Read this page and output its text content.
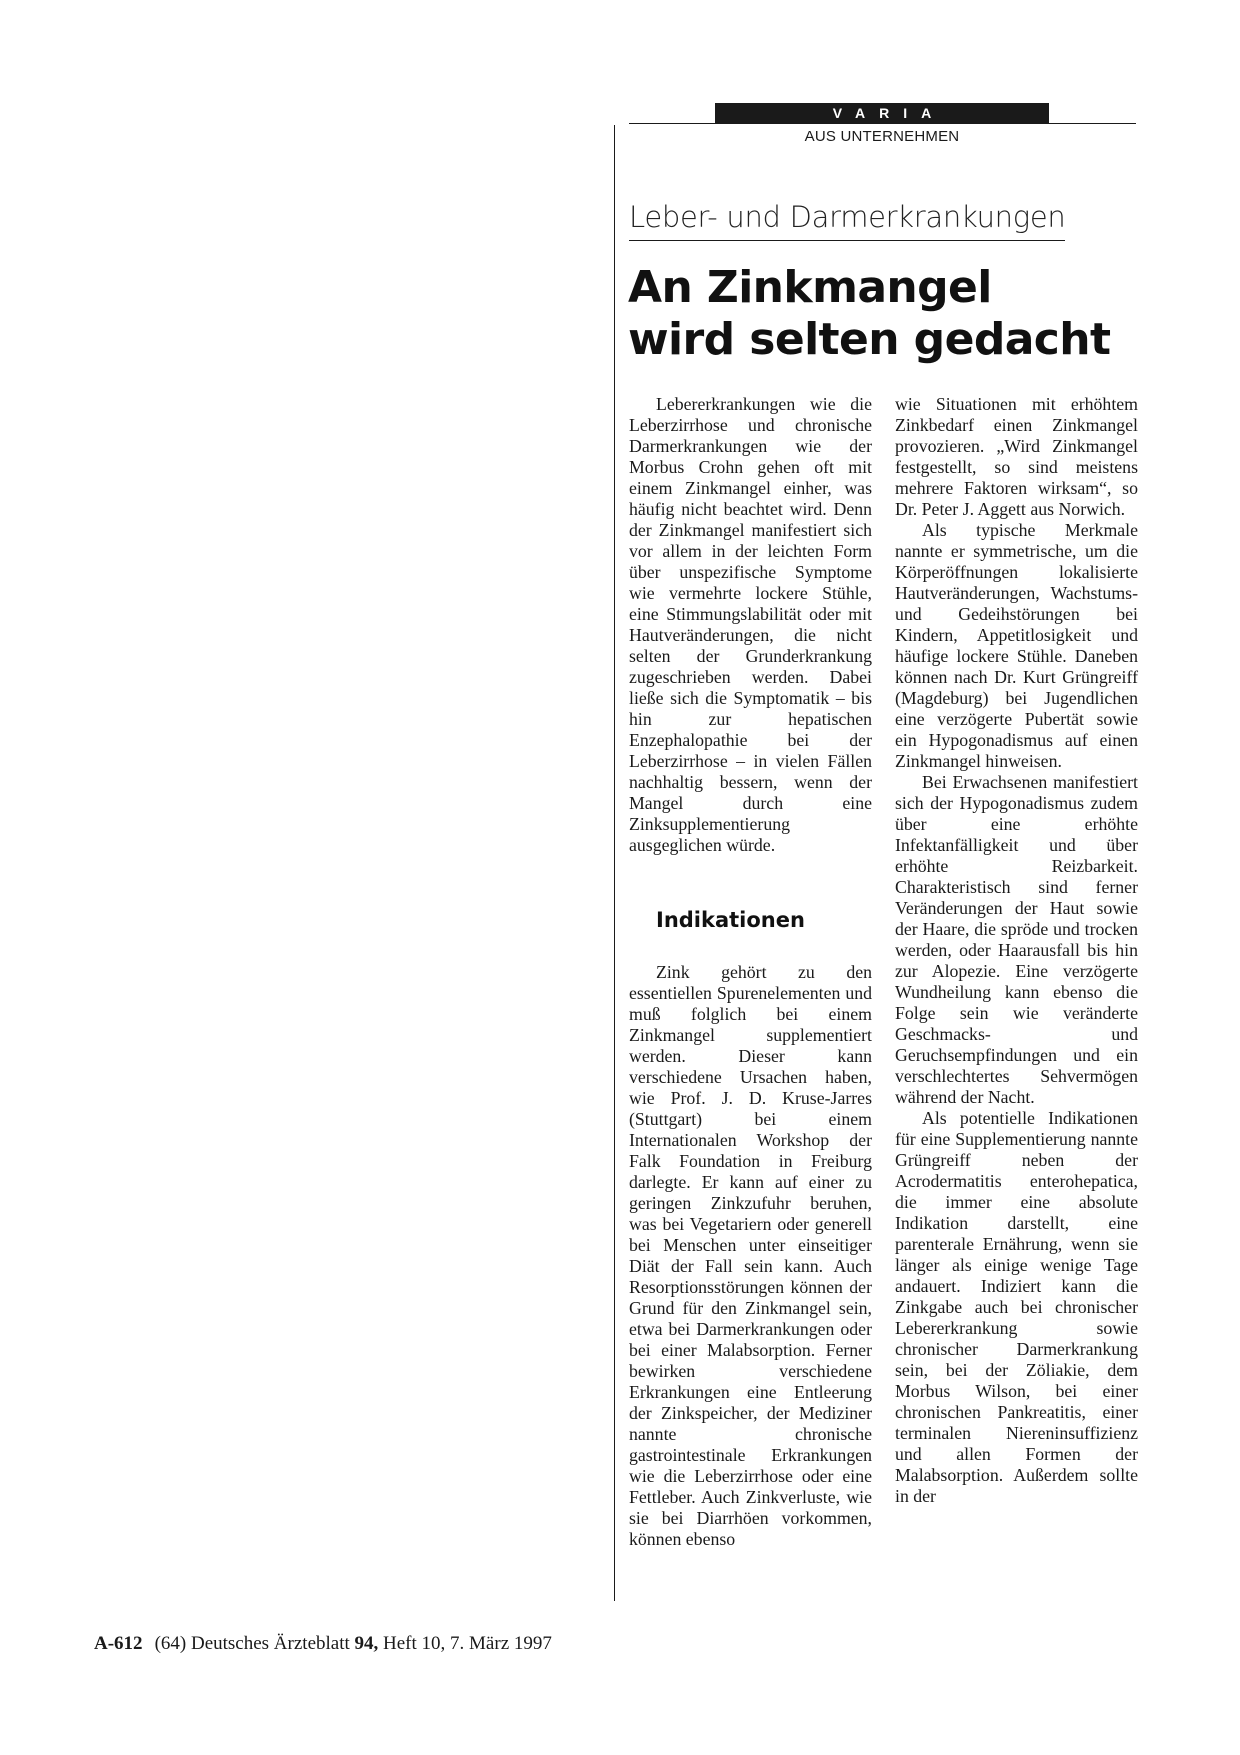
VARIA
AUS UNTERNEHMEN
Leber- und Darmerkrankungen
An Zinkmangel
wird selten gedacht

Lebererkrankungen wie die Leberzirrhose und chronische Darmerkrankungen wie der Morbus Crohn gehen oft mit einem Zinkmangel einher, was häufig nicht beachtet wird. Denn der Zinkmangel manifestiert sich vor allem in der leichten Form über unspezifische Symptome wie vermehrte lockere Stühle, eine Stimmungslabilität oder mit Hautveränderungen, die nicht selten der Grunderkrankung zugeschrieben werden. Dabei ließe sich die Symptomatik – bis hin zur hepatischen Enzephalopathie bei der Leberzirrhose – in vielen Fällen nachhaltig bessern, wenn der Mangel durch eine Zinksupplementierung ausgeglichen würde.

Indikationen

Zink gehört zu den essentiellen Spurenelementen und muß folglich bei einem Zinkmangel supplementiert werden. Dieser kann verschiedene Ursachen haben, wie Prof. J. D. Kruse-Jarres (Stuttgart) bei einem Internationalen Workshop der Falk Foundation in Freiburg darlegte. Er kann auf einer zu geringen Zinkzufuhr beruhen, was bei Vegetariern oder generell bei Menschen unter einseitiger Diät der Fall sein kann. Auch Resorptionsstörungen können der Grund für den Zinkmangel sein, etwa bei Darmerkrankungen oder bei einer Malabsorption. Ferner bewirken verschiedene Erkrankungen eine Entleerung der Zinkspeicher, der Mediziner nannte chronische gastrointestinale Erkrankungen wie die Leberzirrhose oder eine Fettleber. Auch Zinkverluste, wie sie bei Diarrhöen vorkommen, können ebenso

wie Situationen mit erhöhtem Zinkbedarf einen Zinkmangel provozieren. „Wird Zinkmangel festgestellt, so sind meistens mehrere Faktoren wirksam“, so Dr. Peter J. Aggett aus Norwich.

Als typische Merkmale nannte er symmetrische, um die Körperöffnungen lokalisierte Hautveränderungen, Wachstums- und Gedeihstörungen bei Kindern, Appetitlosigkeit und häufige lockere Stühle. Daneben können nach Dr. Kurt Grüngreiff (Magdeburg) bei Jugendlichen eine verzögerte Pubertät sowie ein Hypogonadismus auf einen Zinkmangel hinweisen.

Bei Erwachsenen manifestiert sich der Hypogonadismus zudem über eine erhöhte Infektanfälligkeit und über erhöhte Reizbarkeit. Charakteristisch sind ferner Veränderungen der Haut sowie der Haare, die spröde und trocken werden, oder Haarausfall bis hin zur Alopezie. Eine verzögerte Wundheilung kann ebenso die Folge sein wie veränderte Geschmacks- und Geruchsempfindungen und ein verschlechtertes Sehvermögen während der Nacht.

Als potentielle Indikationen für eine Supplementierung nannte Grüngreiff neben der Acrodermatitis enterohepatica, die immer eine absolute Indikation darstellt, eine parenterale Ernährung, wenn sie länger als einige wenige Tage andauert. Indiziert kann die Zinkgabe auch bei chronischer Lebererkrankung sowie chronischer Darmerkrankung sein, bei der Zöliakie, dem Morbus Wilson, bei einer chronischen Pankreatitis, einer terminalen Niereninsuffizienz und allen Formen der Malabsorption. Außerdem sollte in der

A-612 (64) Deutsches Ärzteblatt 94, Heft 10, 7. März 1997
